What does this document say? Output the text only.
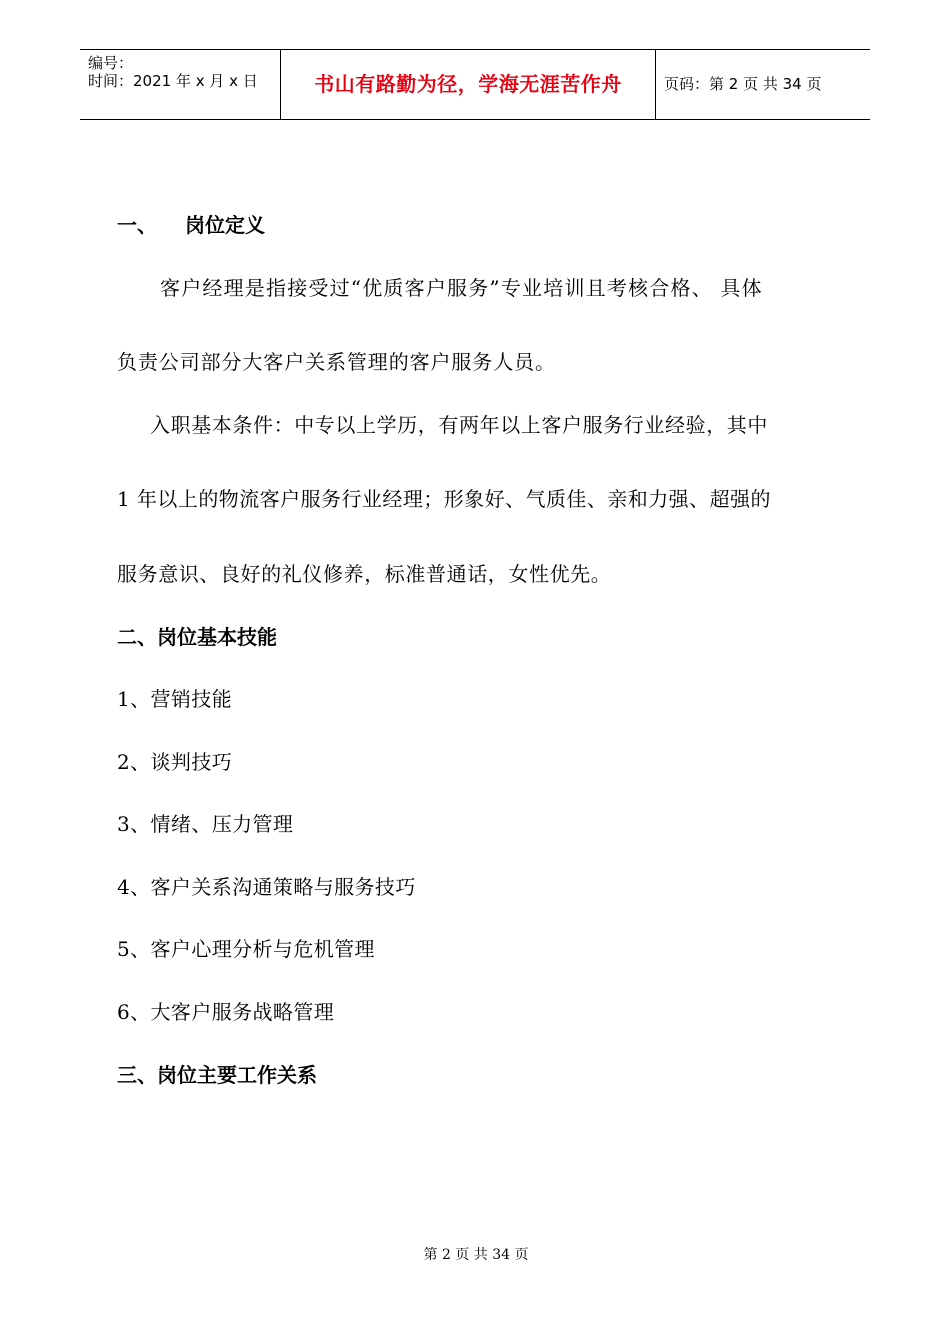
编号：
时间：2021 年 x 月 x 日	书山有路勤为径，学海无涯苦作舟	页码：第 2 页 共 34 页
一、 岗位定义
客户经理是指接受过“优质客户服务”专业培训且考核合格、 具体
负责公司部分大客户关系管理的客户服务人员。
入职基本条件：中专以上学历，有两年以上客户服务行业经验，其中
1 年以上的物流客户服务行业经理；形象好、气质佳、亲和力强、超强的
服务意识、良好的礼仪修养，标准普通话，女性优先。
二、岗位基本技能
1、营销技能
2、谈判技巧
3、情绪、压力管理
4、客户关系沟通策略与服务技巧
5、客户心理分析与危机管理
6、大客户服务战略管理
三、岗位主要工作关系
第 2 页 共 34 页
